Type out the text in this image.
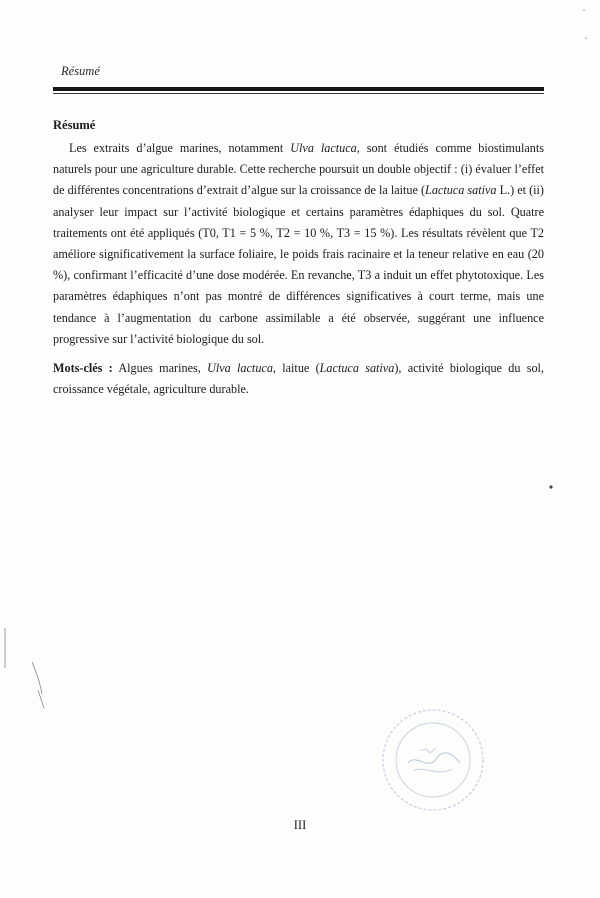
Résumé
Résumé

Les extraits d’algue marines, notamment Ulva lactuca, sont étudiés comme biostimulants naturels pour une agriculture durable. Cette recherche poursuit un double objectif : (i) évaluer l’effet de différentes concentrations d’extrait d’algue sur la croissance de la laitue (Lactuca sativa L.) et (ii) analyser leur impact sur l’activité biologique et certains paramètres édaphiques du sol. Quatre traitements ont été appliqués (T0, T1 = 5 %, T2 = 10 %, T3 = 15 %). Les résultats révèlent que T2 améliore significativement la surface foliaire, le poids frais racinaire et la teneur relative en eau (20 %), confirmant l’efficacité d’une dose modérée. En revanche, T3 a induit un effet phytotoxique. Les paramètres édaphiques n’ont pas montré de différences significatives à court terme, mais une tendance à l’augmentation du carbone assimilable a été observée, suggérant une influence progressive sur l’activité biologique du sol.

Mots-clés : Algues marines, Ulva lactuca, laitue (Lactuca sativa), activité biologique du sol, croissance végétale, agriculture durable.
III
